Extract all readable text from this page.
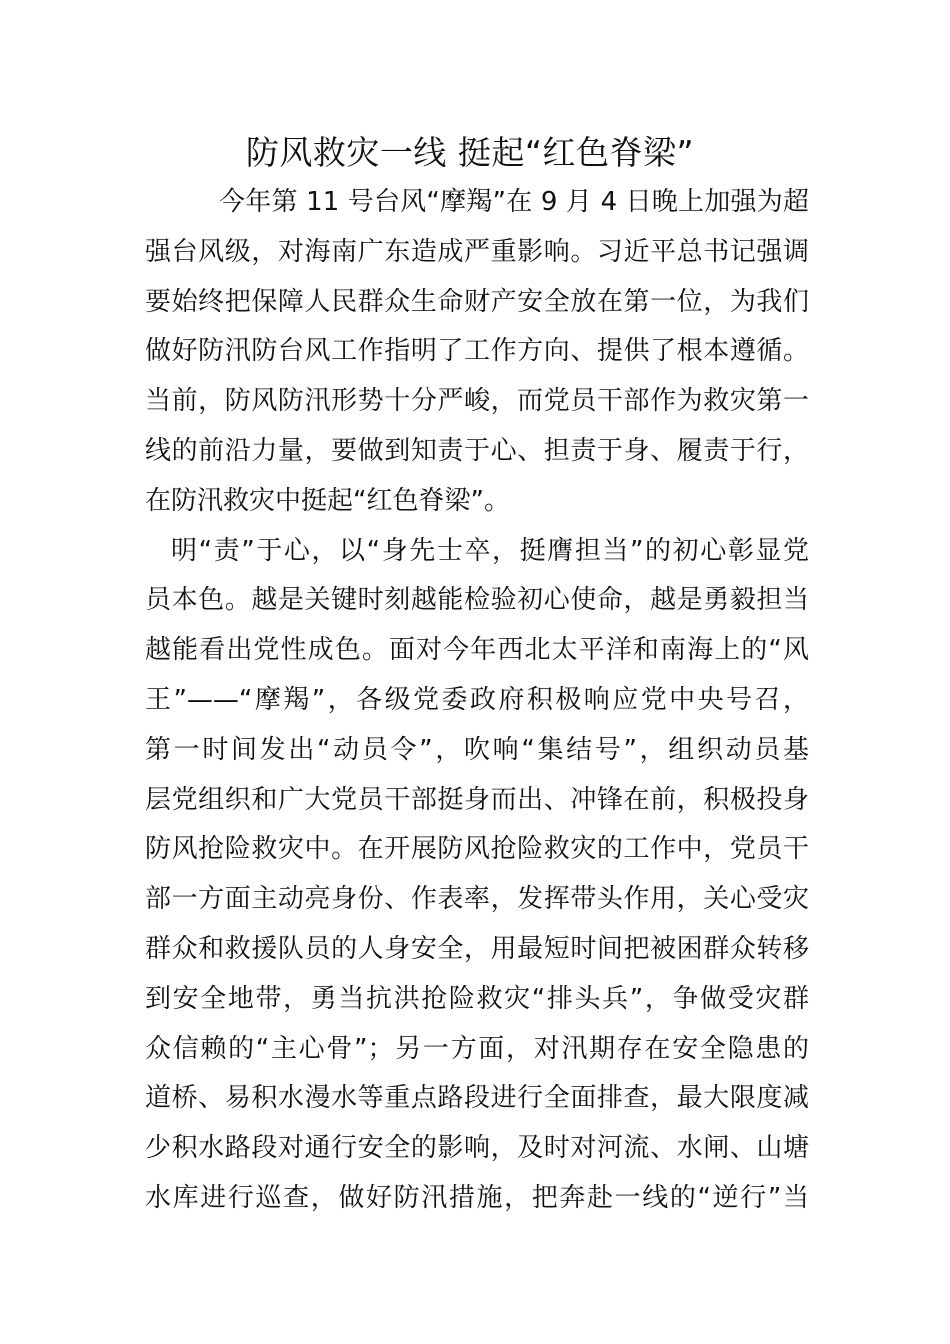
防风救灾一线 挺起“红色脊梁”
今年第 11 号台风“摩羯”在 9 月 4 日晚上加强为超
强台风级，对海南广东造成严重影响。习近平总书记强调
要始终把保障人民群众生命财产安全放在第一位，为我们
做好防汛防台风工作指明了工作方向、提供了根本遵循。
当前，防风防汛形势十分严峻，而党员干部作为救灾第一
线的前沿力量，要做到知责于心、担责于身、履责于行，
在防汛救灾中挺起“红色脊梁”。
明“责”于心，以“身先士卒，挺膺担当”的初心彰显党
员本色。越是关键时刻越能检验初心使命，越是勇毅担当
越能看出党性成色。面对今年西北太平洋和南海上的“风
王”——“摩羯”，各级党委政府积极响应党中央号召，
第一时间发出“动员令”，吹响“集结号”，组织动员基
层党组织和广大党员干部挺身而出、冲锋在前，积极投身
防风抢险救灾中。在开展防风抢险救灾的工作中，党员干
部一方面主动亮身份、作表率，发挥带头作用，关心受灾
群众和救援队员的人身安全，用最短时间把被困群众转移
到安全地带，勇当抗洪抢险救灾“排头兵”，争做受灾群
众信赖的“主心骨”；另一方面，对汛期存在安全隐患的
道桥、易积水漫水等重点路段进行全面排查，最大限度减
少积水路段对通行安全的影响，及时对河流、水闸、山塘
水库进行巡查，做好防汛措施，把奔赴一线的“逆行”当
